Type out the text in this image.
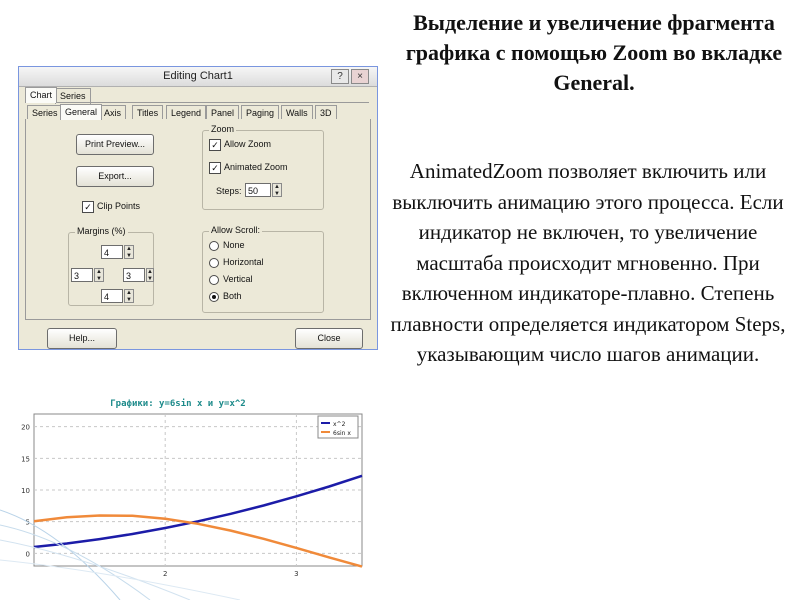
Выделение и увеличение фрагмента графика с помощью Zoom во вкладке General.
AnimatedZoom позволяет включить или выключить анимацию этого процесса. Если индикатор не включен, то увеличение масштаба происходит мгновенно. При включенном индикаторе-плавно. Степень плавности определяется индикатором Steps, указывающим число шагов анимации.
Editing Chart1	?	×
Chart Series
Series General Axis	Titles	Legend	Panel	Paging	Walls	3D
Print Preview...
Export...
✓ Clip Points
Margins (%)
4	▲
▼
3	▲
▼	3	▲
▼
4	▲
▼
Zoom
✓ Allow Zoom
✓ Animated Zoom
Steps: 50	▲
▼
Allow Scroll:
None
Horizontal
Vertical
Both
Help...	Close
Графики: y=6sin x и y=x^2
0
5
10
15
20
2	3
x^2
6sin x
